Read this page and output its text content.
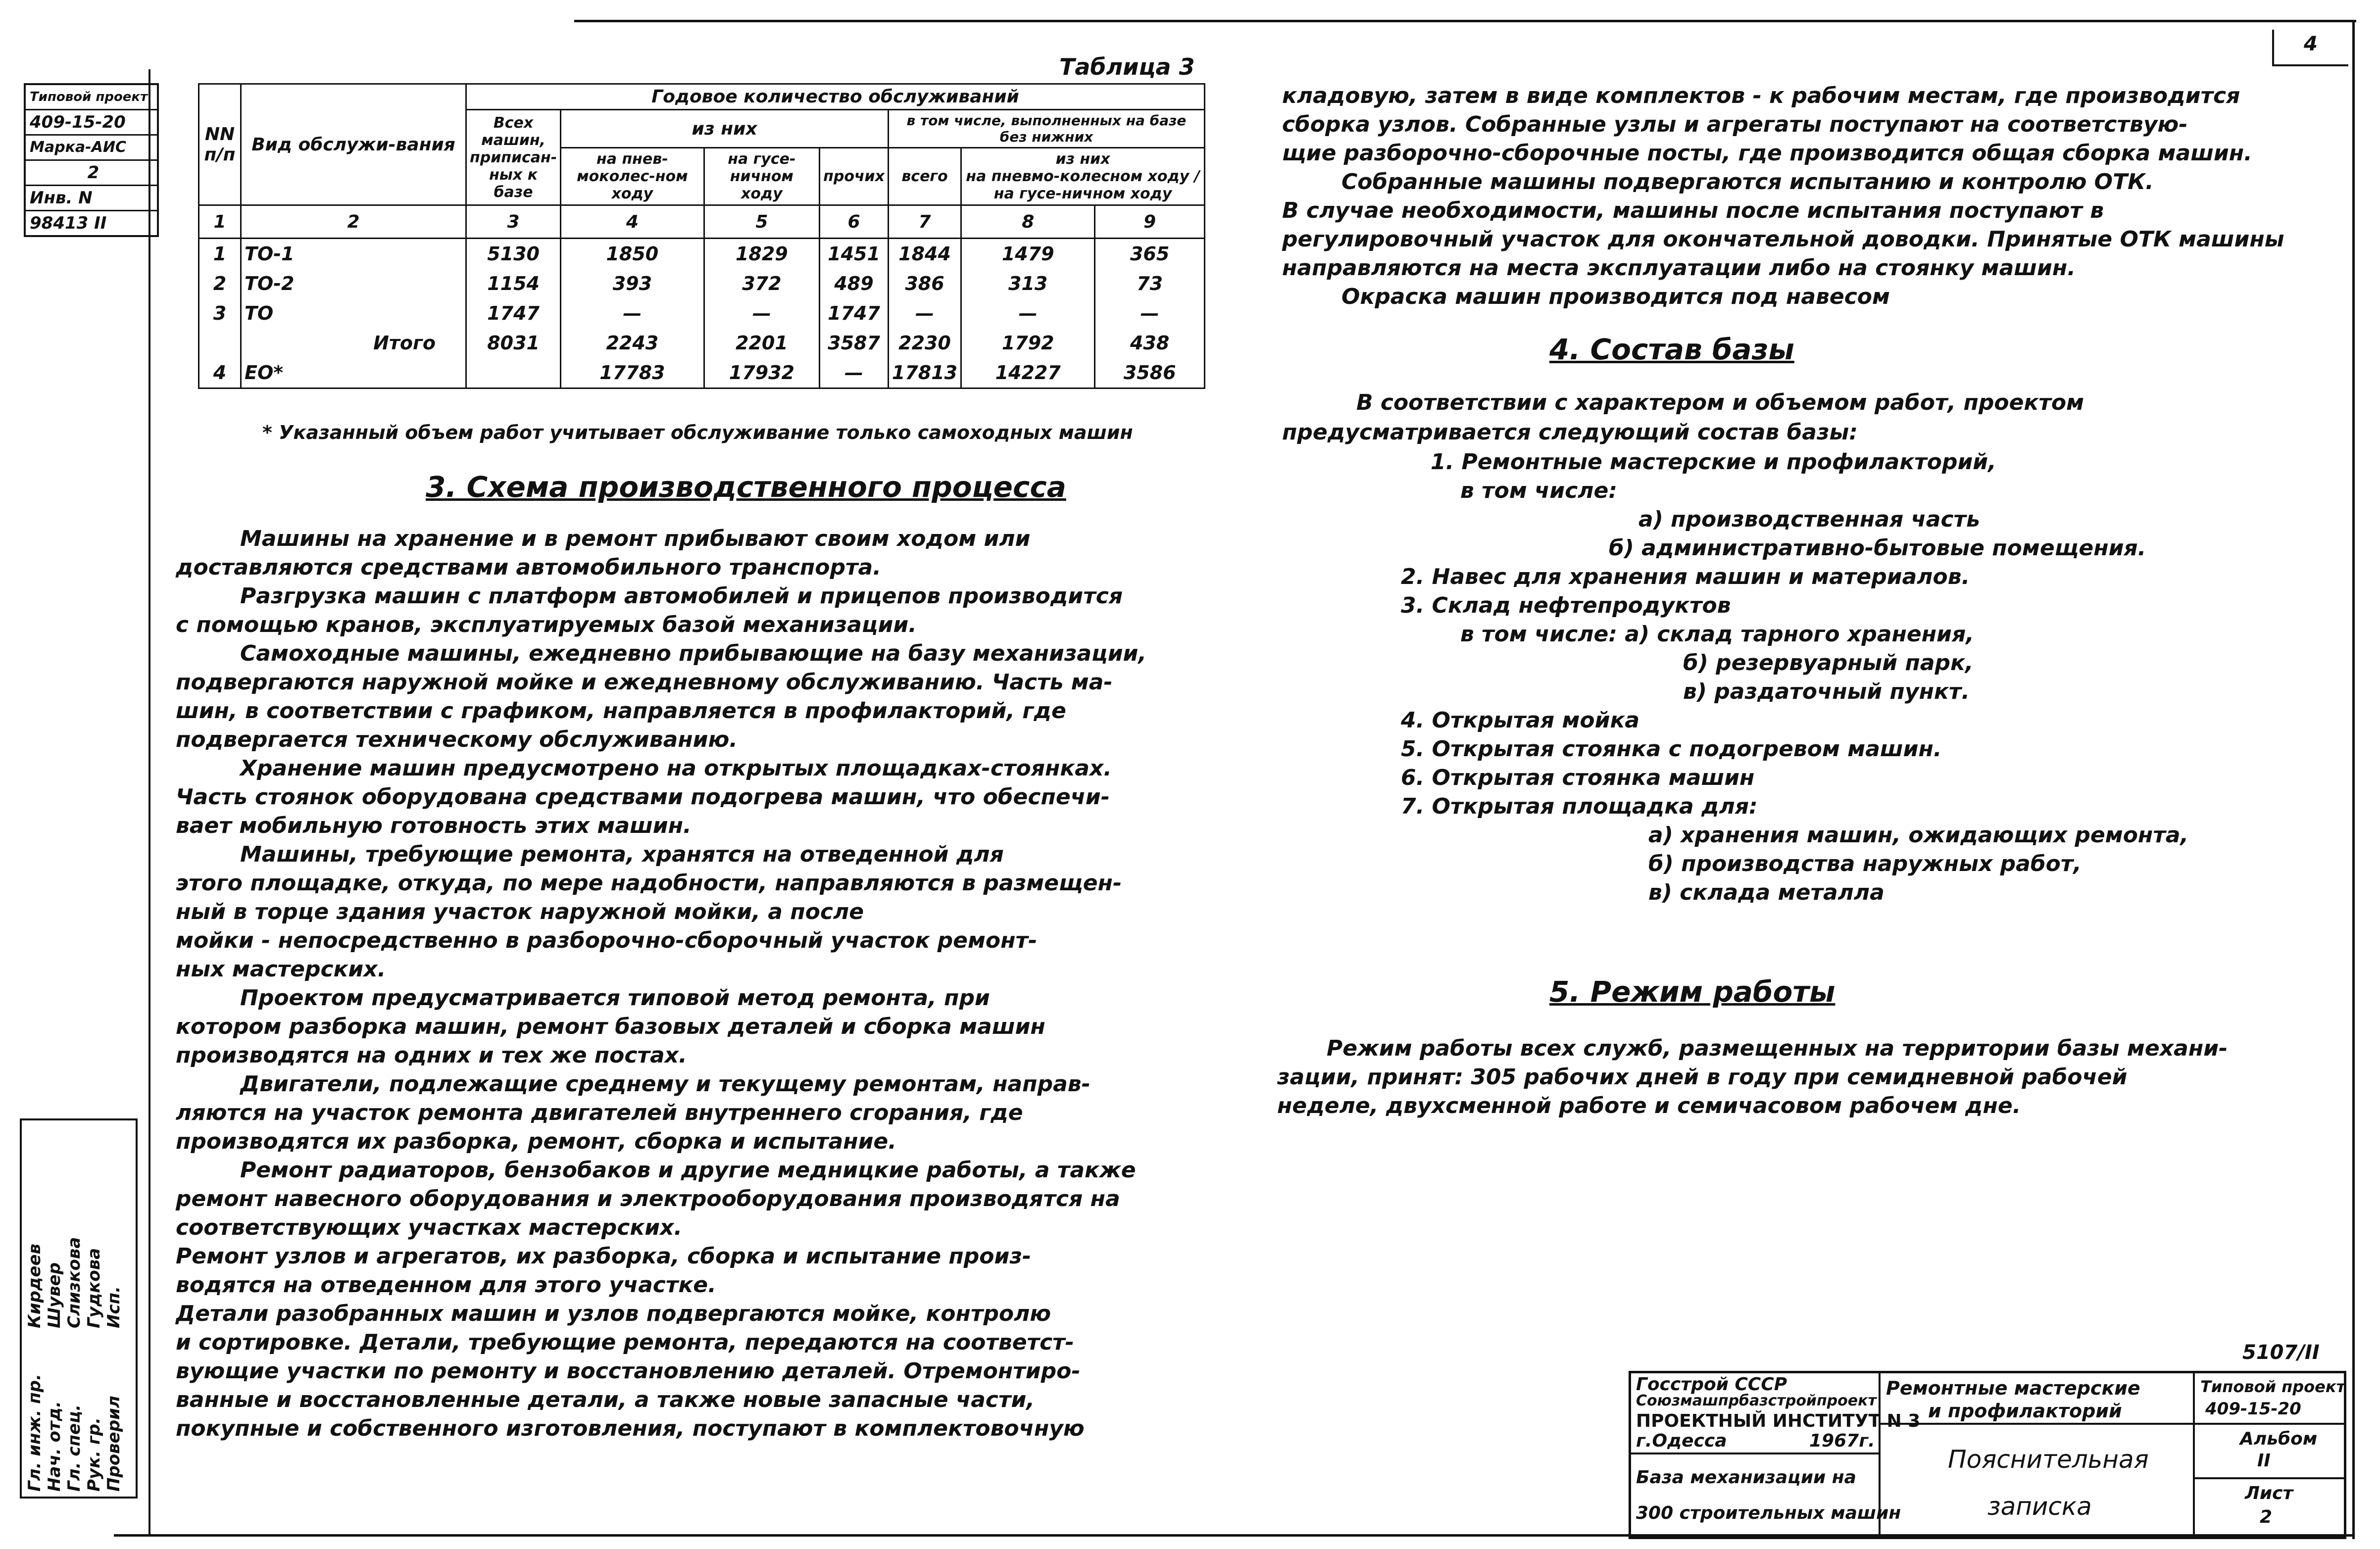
4
Типовой проект
409-15-20
Марка-АИС
2
Инв. N
98413 II
Гл. инж. пр. Нач. отд. Гл. спец. Рук. гр. Проверил
Кирдеев Шувер Слизкова Гудкова Исп.
Таблица 3
NN п/п	Вид обслужи-вания	Годовое количество обслуживаний						
		Всех машин, приписан-ных к базе	из них			в том числе, выполненных на базе без нижних		
			на пнев-моколес-ном ходу	на гусе-ничном ходу	прочих	всего	из них
на пневмо-колесном ходу / на гусе-ничном ходу	
1	2	3	4	5	6	7	8	9
1	ТО-1	5130	1850	1829	1451	1844	1479	365
2	ТО-2	1154	393	372	489	386	313	73
3	ТО	1747	—	—	1747	—	—	—
	Итого	8031	2243	2201	3587	2230	1792	438
4	ЕО*		17783	17932	—	17813	14227	3586
* Указанный объем работ учитывает обслуживание только самоходных машин
3. Схема производственного процесса
Машины на хранение и в ремонт прибывают своим ходом или
доставляются средствами автомобильного транспорта.
Разгрузка машин с платформ автомобилей и прицепов производится
с помощью кранов, эксплуатируемых базой механизации.
Самоходные машины, ежедневно прибывающие на базу механизации,
подвергаются наружной мойке и ежедневному обслуживанию. Часть ма-
шин, в соответствии с графиком, направляется в профилакторий, где
подвергается техническому обслуживанию.
Хранение машин предусмотрено на открытых площадках-стоянках.
Часть стоянок оборудована средствами подогрева машин, что обеспечи-
вает мобильную готовность этих машин.
Машины, требующие ремонта, хранятся на отведенной для
этого площадке, откуда, по мере надобности, направляются в размещен-
ный в торце здания участок наружной мойки, а после
мойки - непосредственно в разборочно-сборочный участок ремонт-
ных мастерских.
Проектом предусматривается типовой метод ремонта, при
котором разборка машин, ремонт базовых деталей и сборка машин
производятся на одних и тех же постах.
Двигатели, подлежащие среднему и текущему ремонтам, направ-
ляются на участок ремонта двигателей внутреннего сгорания, где
производятся их разборка, ремонт, сборка и испытание.
Ремонт радиаторов, бензобаков и другие медницкие работы, а также
ремонт навесного оборудования и электрооборудования производятся на
соответствующих участках мастерских.
Ремонт узлов и агрегатов, их разборка, сборка и испытание произ-
водятся на отведенном для этого участке.
Детали разобранных машин и узлов подвергаются мойке, контролю
и сортировке. Детали, требующие ремонта, передаются на соответст-
вующие участки по ремонту и восстановлению деталей. Отремонтиро-
ванные и восстановленные детали, а также новые запасные части,
покупные и собственного изготовления, поступают в комплектовочную
кладовую, затем в виде комплектов - к рабочим местам, где производится
сборка узлов. Собранные узлы и агрегаты поступают на соответствую-
щие разборочно-сборочные посты, где производится общая сборка машин.
Собранные машины подвергаются испытанию и контролю ОТК.
В случае необходимости, машины после испытания поступают в
регулировочный участок для окончательной доводки. Принятые ОТК машины
направляются на места эксплуатации либо на стоянку машин.
Окраска машин производится под навесом
4. Состав базы
В соответствии с характером и объемом работ, проектом
предусматривается следующий состав базы:
1. Ремонтные мастерские и профилакторий,
в том числе:
а) производственная часть
б) административно-бытовые помещения.
2. Навес для хранения машин и материалов.
3. Склад нефтепродуктов
в том числе: а) склад тарного хранения,
б) резервуарный парк,
в) раздаточный пункт.
4. Открытая мойка
5. Открытая стоянка с подогревом машин.
6. Открытая стоянка машин
7. Открытая площадка для:
а) хранения машин, ожидающих ремонта,
б) производства наружных работ,
в) склада металла
5. Режим работы
Режим работы всех служб, размещенных на территории базы механи-
зации, принят: 305 рабочих дней в году при семидневной рабочей
неделе, двухсменной работе и семичасовом рабочем дне.
5107/II
Госстрой СССР
Союзмашпрбазстройпроект
ПРОЕКТНЫЙ ИНСТИТУТ N 3
г.Одесса	1967г.
База механизации на
300 строительных машин
Ремонтные мастерские
и профилакторий
Пояснительная
записка
Типовой проект
409-15-20
Альбом
II
Лист
2
